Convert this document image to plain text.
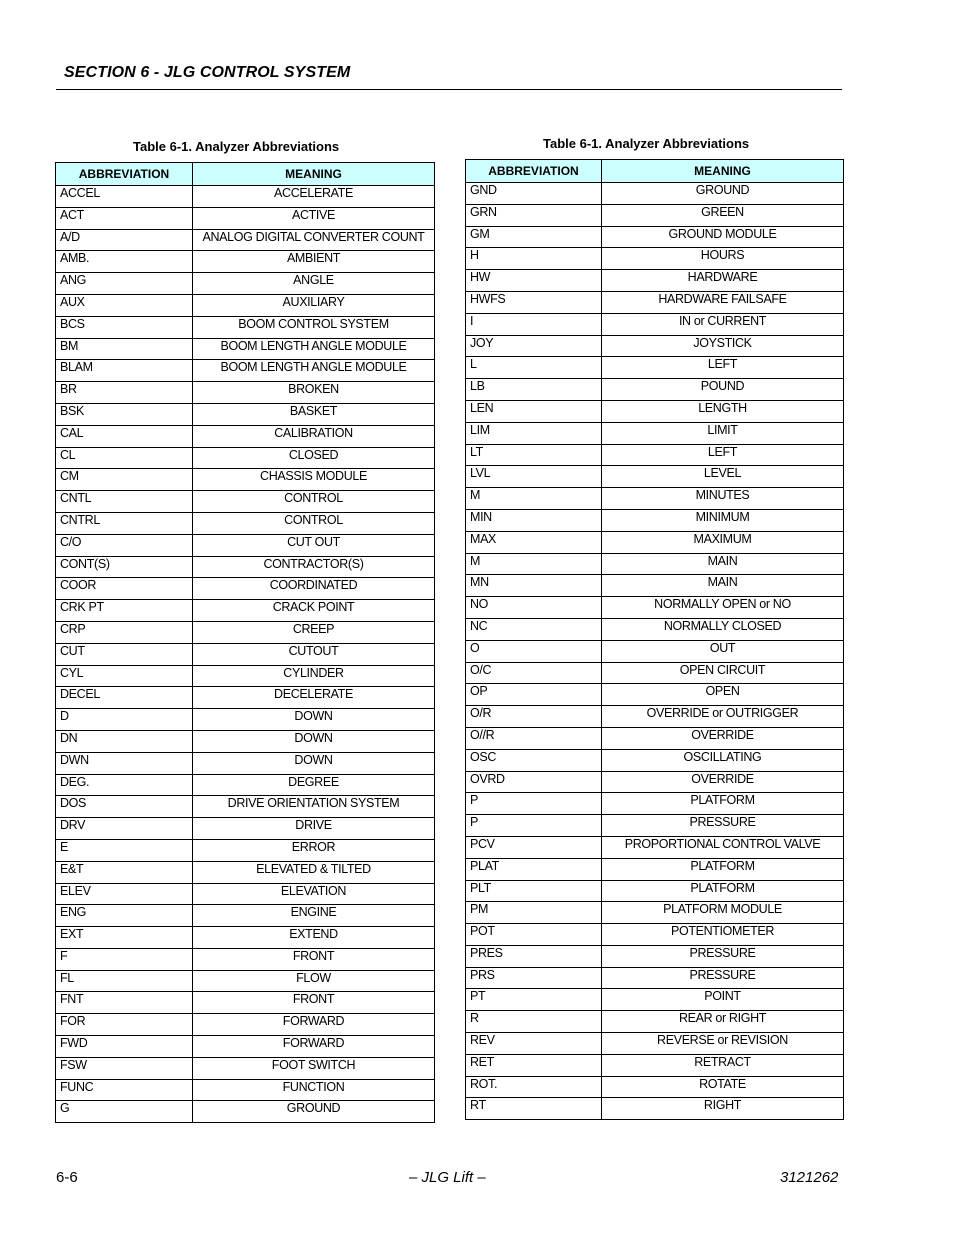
SECTION 6 - JLG CONTROL SYSTEM
Table 6-1. Analyzer Abbreviations
ABBREVIATION	MEANING
ACCEL	ACCELERATE
ACT	ACTIVE
A/D	ANALOG DIGITAL CONVERTER COUNT
AMB.	AMBIENT
ANG	ANGLE
AUX	AUXILIARY
BCS	BOOM CONTROL SYSTEM
BM	BOOM LENGTH ANGLE MODULE
BLAM	BOOM LENGTH ANGLE MODULE
BR	BROKEN
BSK	BASKET
CAL	CALIBRATION
CL	CLOSED
CM	CHASSIS MODULE
CNTL	CONTROL
CNTRL	CONTROL
C/O	CUT OUT
CONT(S)	CONTRACTOR(S)
COOR	COORDINATED
CRK PT	CRACK POINT
CRP	CREEP
CUT	CUTOUT
CYL	CYLINDER
DECEL	DECELERATE
D	DOWN
DN	DOWN
DWN	DOWN
DEG.	DEGREE
DOS	DRIVE ORIENTATION SYSTEM
DRV	DRIVE
E	ERROR
E&T	ELEVATED & TILTED
ELEV	ELEVATION
ENG	ENGINE
EXT	EXTEND
F	FRONT
FL	FLOW
FNT	FRONT
FOR	FORWARD
FWD	FORWARD
FSW	FOOT SWITCH
FUNC	FUNCTION
G	GROUND
Table 6-1. Analyzer Abbreviations
ABBREVIATION	MEANING
GND	GROUND
GRN	GREEN
GM	GROUND MODULE
H	HOURS
HW	HARDWARE
HWFS	HARDWARE FAILSAFE
I	IN or CURRENT
JOY	JOYSTICK
L	LEFT
LB	POUND
LEN	LENGTH
LIM	LIMIT
LT	LEFT
LVL	LEVEL
M	MINUTES
MIN	MINIMUM
MAX	MAXIMUM
M	MAIN
MN	MAIN
NO	NORMALLY OPEN or NO
NC	NORMALLY CLOSED
O	OUT
O/C	OPEN CIRCUIT
OP	OPEN
O/R	OVERRIDE or OUTRIGGER
O//R	OVERRIDE
OSC	OSCILLATING
OVRD	OVERRIDE
P	PLATFORM
P	PRESSURE
PCV	PROPORTIONAL CONTROL VALVE
PLAT	PLATFORM
PLT	PLATFORM
PM	PLATFORM MODULE
POT	POTENTIOMETER
PRES	PRESSURE
PRS	PRESSURE
PT	POINT
R	REAR or RIGHT
REV	REVERSE or REVISION
RET	RETRACT
ROT.	ROTATE
RT	RIGHT
6-6	– JLG Lift –	3121262
